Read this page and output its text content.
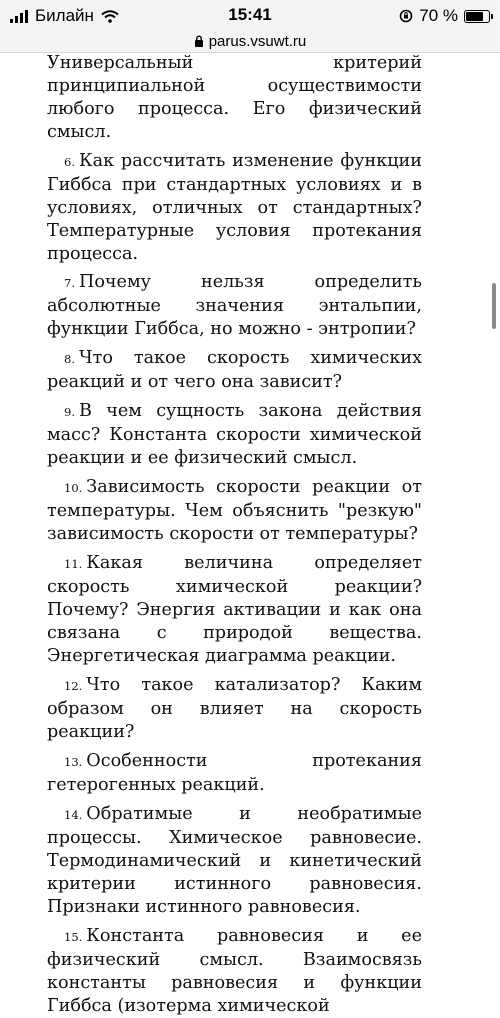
Билайн	15:41	70 %
parus.vsuwt.ru

Универсальный критерий принципиальной осуществимости любого процесса. Его физический смысл.

6. Как рассчитать изменение функции Гиббса при стандартных условиях и в условиях, отличных от стандартных? Температурные условия протекания процесса.

7. Почему нельзя определить абсолютные значения энтальпии, функции Гиббса, но можно - энтропии?

8. Что такое скорость химических реакций и от чего она зависит?

9. В чем сущность закона действия масс? Константа скорости химической реакции и ее физический смысл.

10. Зависимость скорости реакции от температуры. Чем объяснить "резкую" зависимость скорости от температуры?

11. Какая величина определяет скорость химической реакции? Почему? Энергия активации и как она связана с природой вещества. Энергетическая диаграмма реакции.

12. Что такое катализатор? Каким образом он влияет на скорость реакции?

13. Особенности протекания гетерогенных реакций.

14. Обратимые и необратимые процессы. Химическое равновесие. Термодинамический и кинетический критерии истинного равновесия. Признаки истинного равновесия.

15. Константа равновесия и ее физический смысл. Взаимосвязь константы равновесия и функции Гиббса (изотерма химической
